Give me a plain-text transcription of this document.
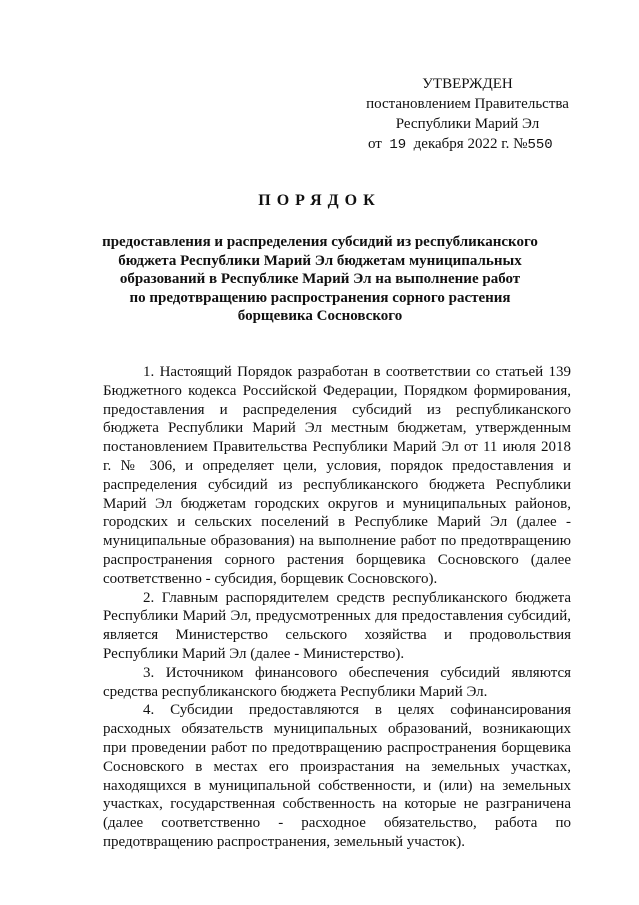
УТВЕРЖДЕН
постановлением Правительства
Республики Марий Эл
от 19 декабря 2022 г. №550
ПОРЯДОК
предоставления и распределения субсидий из республиканского
бюджета Республики Марий Эл бюджетам муниципальных
образований в Республике Марий Эл на выполнение работ
по предотвращению распространения сорного растения
борщевика Сосновского

1. Настоящий Порядок разработан в соответствии со статьей 139 Бюджетного кодекса Российской Федерации, Порядком формирования, предоставления и распределения субсидий из республиканского бюджета Республики Марий Эл местным бюджетам, утвержденным постановлением Правительства Республики Марий Эл от 11 июля 2018 г. № 306, и определяет цели, условия, порядок предоставления и распределения субсидий из республиканского бюджета Республики Марий Эл бюджетам городских округов и муниципальных районов, городских и сельских поселений в Республике Марий Эл (далее - муниципальные образования) на выполнение работ по предотвращению распространения сорного растения борщевика Сосновского (далее соответственно - субсидия, борщевик Сосновского).

2. Главным распорядителем средств республиканского бюджета Республики Марий Эл, предусмотренных для предоставления субсидий, является Министерство сельского хозяйства и продовольствия Республики Марий Эл (далее - Министерство).

3. Источником финансового обеспечения субсидий являются средства республиканского бюджета Республики Марий Эл.

4. Субсидии предоставляются в целях софинансирования расходных обязательств муниципальных образований, возникающих при проведении работ по предотвращению распространения борщевика Сосновского в местах его произрастания на земельных участках, находящихся в муниципальной собственности, и (или) на земельных участках, государственная собственность на которые не разграничена (далее соответственно - расходное обязательство, работа по предотвращению распространения, земельный участок).
